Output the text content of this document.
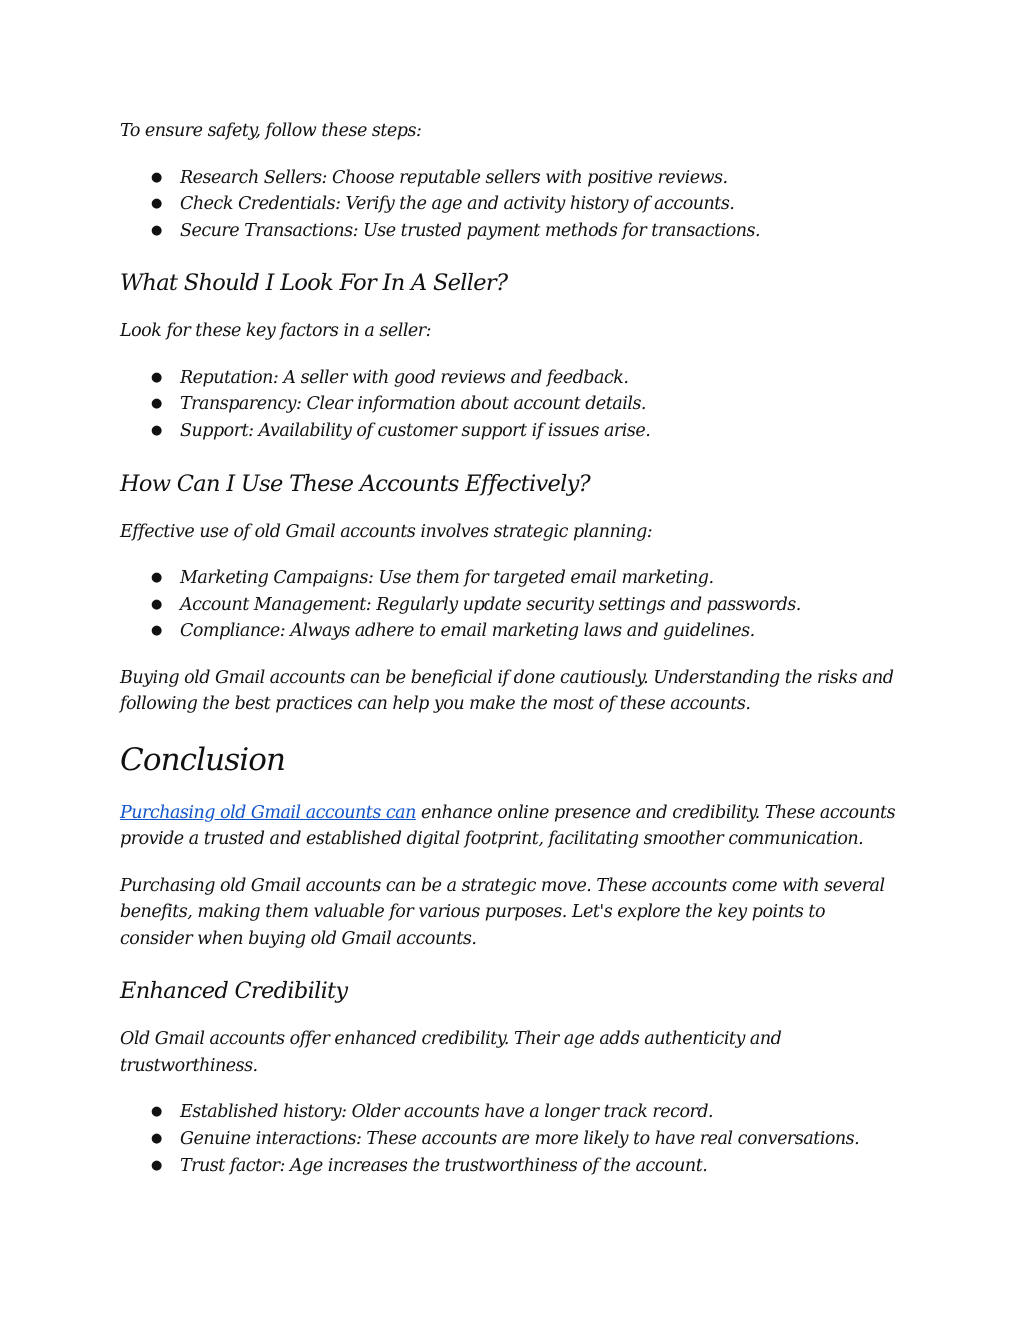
To ensure safety, follow these steps:

● Research Sellers: Choose reputable sellers with positive reviews.
● Check Credentials: Verify the age and activity history of accounts.
● Secure Transactions: Use trusted payment methods for transactions.
What Should I Look For In A Seller?

Look for these key factors in a seller:

● Reputation: A seller with good reviews and feedback.
● Transparency: Clear information about account details.
● Support: Availability of customer support if issues arise.
How Can I Use These Accounts Effectively?

Effective use of old Gmail accounts involves strategic planning:

● Marketing Campaigns: Use them for targeted email marketing.
● Account Management: Regularly update security settings and passwords.
● Compliance: Always adhere to email marketing laws and guidelines.

Buying old Gmail accounts can be beneficial if done cautiously. Understanding the risks and following the best practices can help you make the most of these accounts.

Conclusion

Purchasing old Gmail accounts can enhance online presence and credibility. These accounts provide a trusted and established digital footprint, facilitating smoother communication.

Purchasing old Gmail accounts can be a strategic move. These accounts come with several benefits, making them valuable for various purposes. Let's explore the key points to consider when buying old Gmail accounts.

Enhanced Credibility

Old Gmail accounts offer enhanced credibility. Their age adds authenticity and trustworthiness.

● Established history: Older accounts have a longer track record.
● Genuine interactions: These accounts are more likely to have real conversations.
● Trust factor: Age increases the trustworthiness of the account.
